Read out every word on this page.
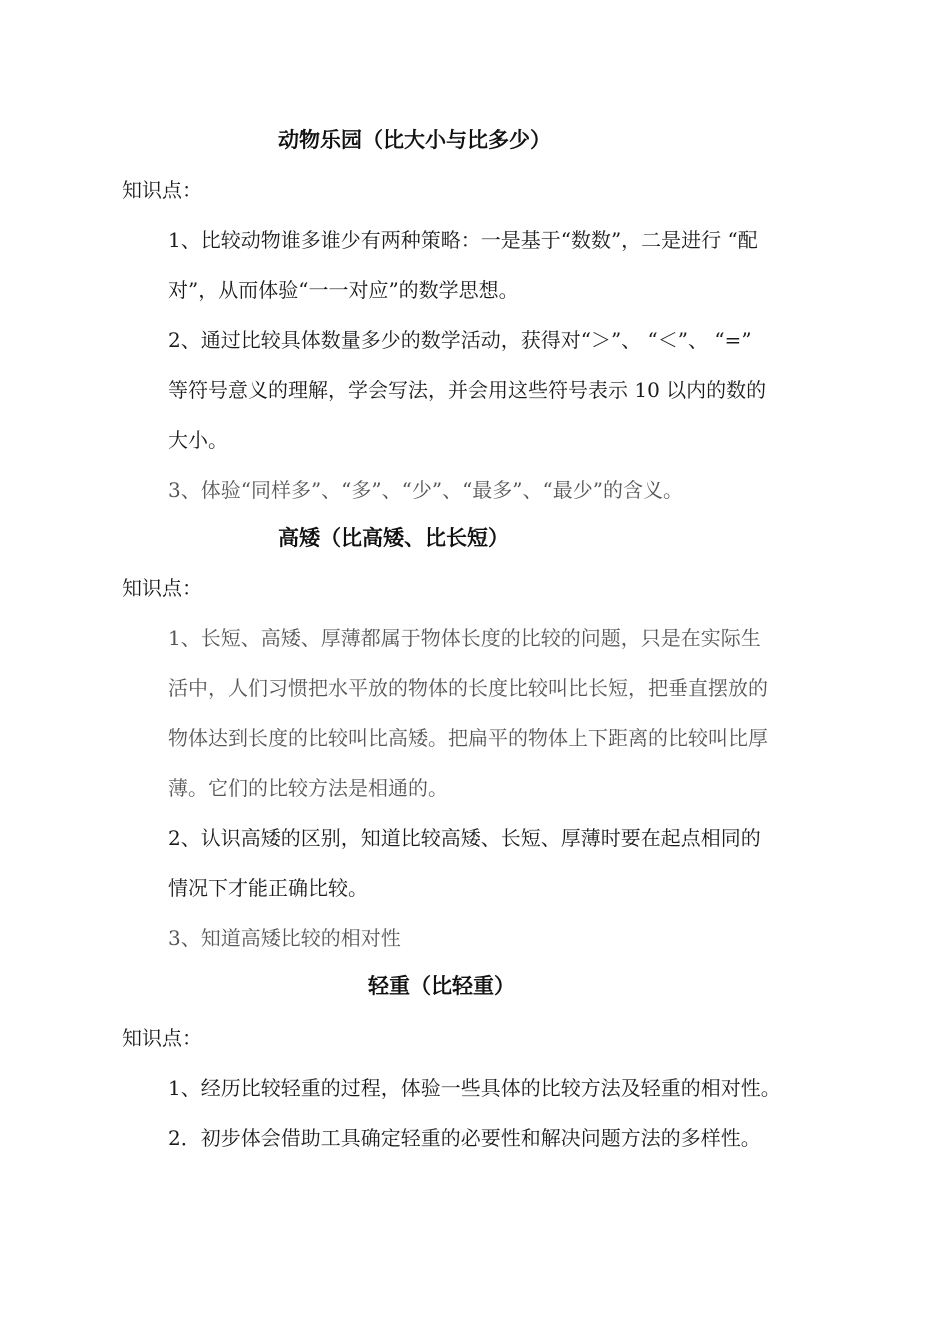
动物乐园（比大小与比多少）
知识点：
1、比较动物谁多谁少有两种策略：一是基于“数数”，二是进行 “配
对”，从而体验“一一对应”的数学思想。
2、通过比较具体数量多少的数学活动，获得对“＞”、 “＜”、 “=”
等符号意义的理解，学会写法，并会用这些符号表示 10 以内的数的
大小。
3、体验“同样多”、“多”、“少”、“最多”、“最少”的含义。
高矮（比高矮、比长短）
知识点：
1、长短、高矮、厚薄都属于物体长度的比较的问题，只是在实际生
活中，人们习惯把水平放的物体的长度比较叫比长短，把垂直摆放的
物体达到长度的比较叫比高矮。把扁平的物体上下距离的比较叫比厚
薄。它们的比较方法是相通的。
2、认识高矮的区别，知道比较高矮、长短、厚薄时要在起点相同的
情况下才能正确比较。
3、知道高矮比较的相对性
轻重（比轻重）
知识点：
1、经历比较轻重的过程，体验一些具体的比较方法及轻重的相对性。
2．初步体会借助工具确定轻重的必要性和解决问题方法的多样性。
